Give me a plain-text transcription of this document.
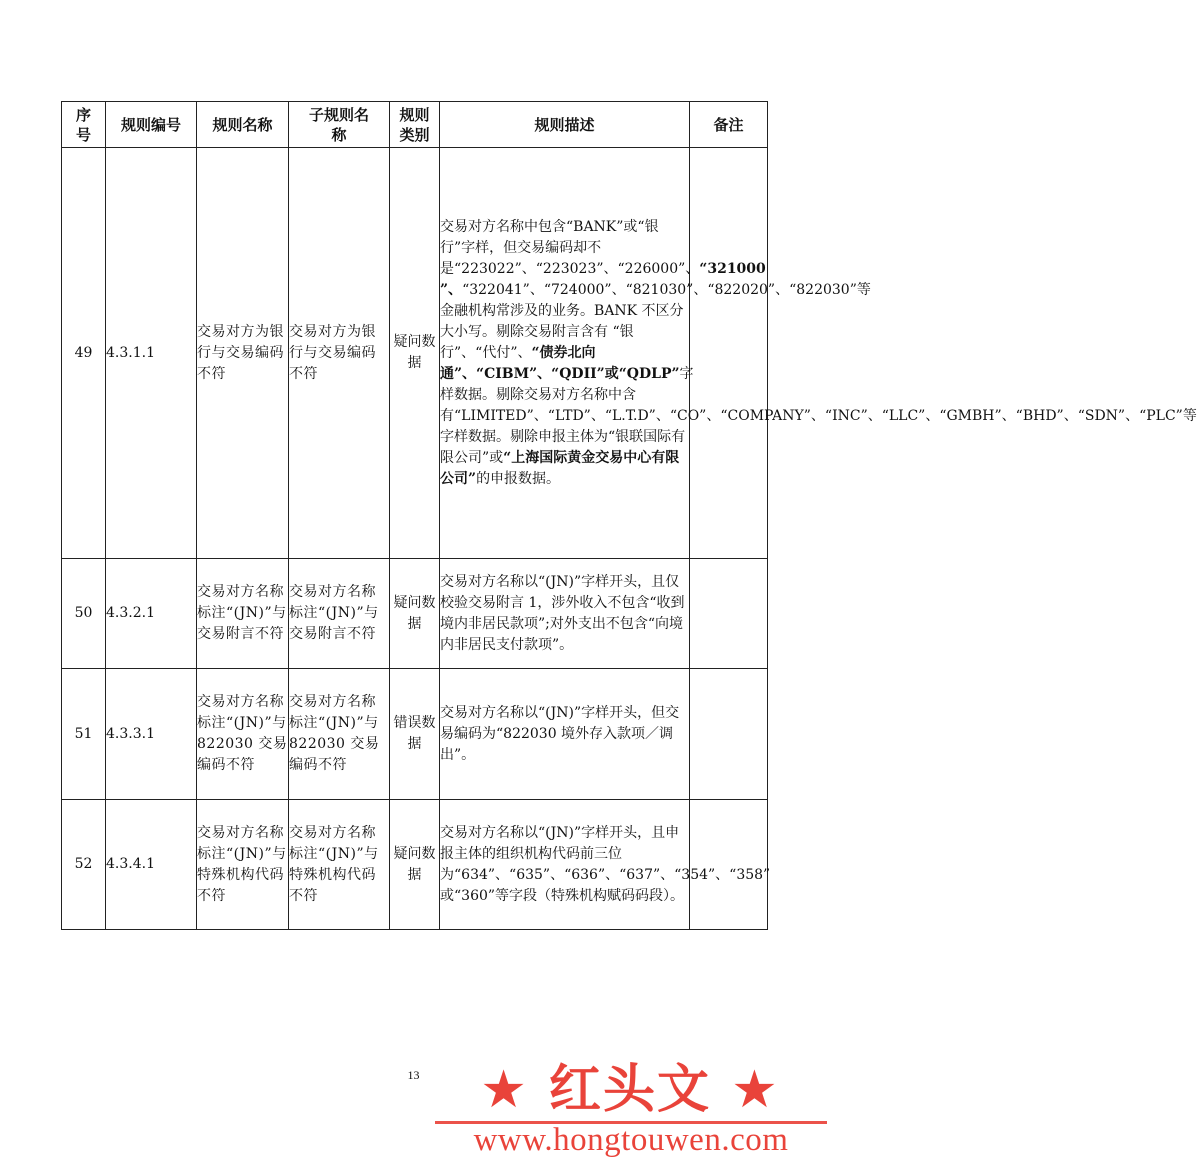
序号	规则编号	规则名称	子规则名称	规则类别	规则描述	备注
49	4.3.1.1	交易对方为银行与交易编码不符	交易对方为银行与交易编码不符	疑问数据	交易对方名称中包含“BANK”或“银行”字样，但交易编码却不是“223022”、“223023”、“226000”、“321000 ”、“322041”、“724000”、“821030”、“822020”、“822030”等金融机构常涉及的业务。BANK 不区分大小写。剔除交易附言含有 “银行”、“代付”、“债券北向通”、“CIBM”、“QDII”或“QDLP”字样数据。剔除交易对方名称中含有“LIMITED”、“LTD”、“L.T.D”、“CO”、“COMPANY”、“INC”、“LLC”、“GMBH”、“BHD”、“SDN”、“PLC”等字样数据。剔除申报主体为“银联国际有限公司”或“上海国际黄金交易中心有限公司”的申报数据。	
50	4.3.2.1	交易对方名称标注“(JN)”与交易附言不符	交易对方名称标注“(JN)”与交易附言不符	疑问数据	交易对方名称以“(JN)”字样开头，且仅校验交易附言 1，涉外收入不包含“收到境内非居民款项”;对外支出不包含“向境内非居民支付款项”。	
51	4.3.3.1	交易对方名称标注“(JN)”与822030 交易编码不符	交易对方名称标注“(JN)”与822030 交易编码不符	错误数据	交易对方名称以“(JN)”字样开头，但交易编码为“822030 境外存入款项／调出”。	
52	4.3.4.1	交易对方名称标注“(JN)”与特殊机构代码不符	交易对方名称标注“(JN)”与特殊机构代码不符	疑问数据	交易对方名称以“(JN)”字样开头，且申报主体的组织机构代码前三位为“634”、“635”、“636”、“637”、“354”、“358” 或“360”等字段（特殊机构赋码码段）。	
13	★ 红头文 ★
www.hongtouwen.com
